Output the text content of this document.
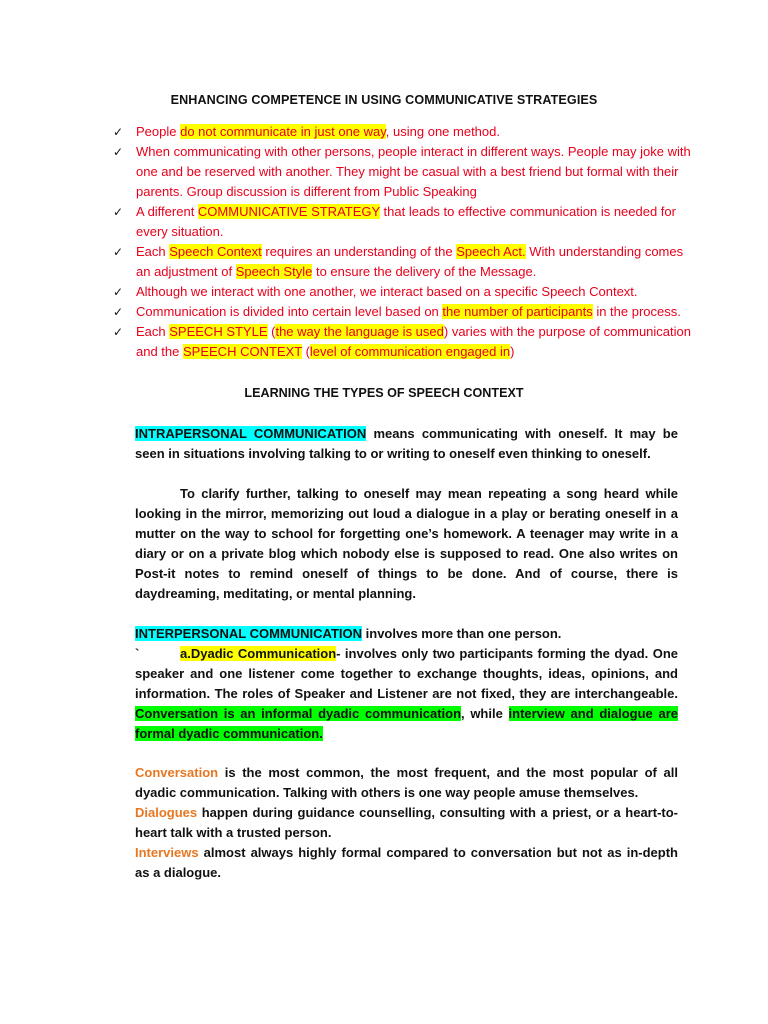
ENHANCING COMPETENCE IN USING COMMUNICATIVE STRATEGIES
✓ People do not communicate in just one way, using one method.
✓ When communicating with other persons, people interact in different ways. People may joke with one and be reserved with another. They might be casual with a best friend but formal with their parents. Group discussion is different from Public Speaking
✓ A different COMMUNICATIVE STRATEGY that leads to effective communication is needed for every situation.
✓ Each Speech Context requires an understanding of the Speech Act. With understanding comes an adjustment of Speech Style to ensure the delivery of the Message.
✓ Although we interact with one another, we interact based on a specific Speech Context.
✓ Communication is divided into certain level based on the number of participants in the process.
✓ Each SPEECH STYLE (the way the language is used) varies with the purpose of communication and the SPEECH CONTEXT (level of communication engaged in)
LEARNING THE TYPES OF SPEECH CONTEXT

INTRAPERSONAL COMMUNICATION means communicating with oneself. It may be seen in situations involving talking to or writing to oneself even thinking to oneself.

To clarify further, talking to oneself may mean repeating a song heard while looking in the mirror, memorizing out loud a dialogue in a play or berating oneself in a mutter on the way to school for forgetting one’s homework. A teenager may write in a diary or on a private blog which nobody else is supposed to read. One also writes on Post-it notes to remind oneself of things to be done. And of course, there is daydreaming, meditating, or mental planning.

INTERPERSONAL COMMUNICATION involves more than one person.

`	a.Dyadic Communication- involves only two participants forming the dyad. One speaker and one listener come together to exchange thoughts, ideas, opinions, and information. The roles of Speaker and Listener are not fixed, they are interchangeable. Conversation is an informal dyadic communication, while interview and dialogue are formal dyadic communication.

Conversation is the most common, the most frequent, and the most popular of all dyadic communication. Talking with others is one way people amuse themselves.

Dialogues happen during guidance counselling, consulting with a priest, or a heart-to-heart talk with a trusted person.

Interviews almost always highly formal compared to conversation but not as in-depth as a dialogue.
